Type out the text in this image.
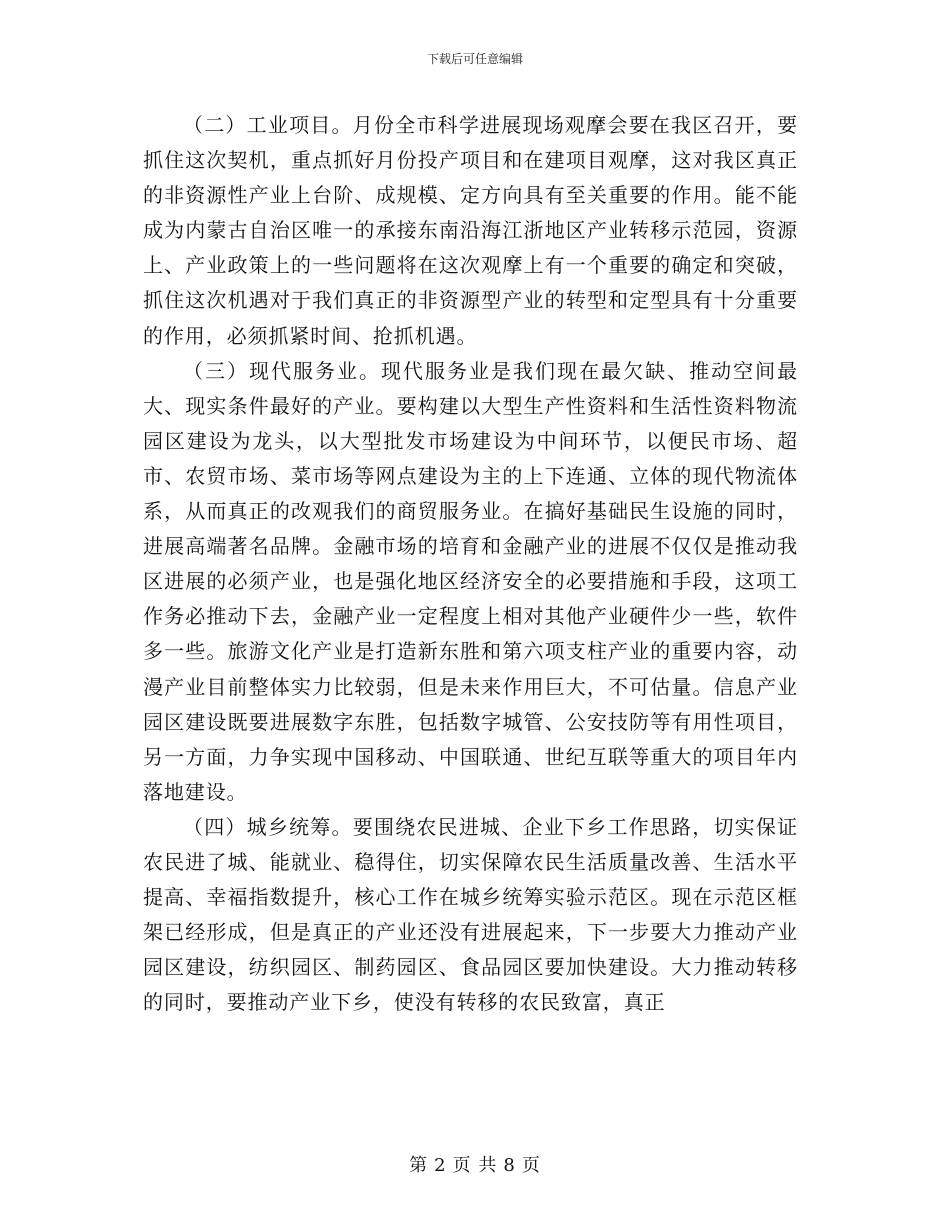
下载后可任意编辑

（二）工业项目。月份全市科学进展现场观摩会要在我区召开，要抓住这次契机，重点抓好月份投产项目和在建项目观摩，这对我区真正的非资源性产业上台阶、成规模、定方向具有至关重要的作用。能不能成为内蒙古自治区唯一的承接东南沿海江浙地区产业转移示范园，资源上、产业政策上的一些问题将在这次观摩上有一个重要的确定和突破，抓住这次机遇对于我们真正的非资源型产业的转型和定型具有十分重要的作用，必须抓紧时间、抢抓机遇。

（三）现代服务业。现代服务业是我们现在最欠缺、推动空间最大、现实条件最好的产业。要构建以大型生产性资料和生活性资料物流园区建设为龙头，以大型批发市场建设为中间环节，以便民市场、超市、农贸市场、菜市场等网点建设为主的上下连通、立体的现代物流体系，从而真正的改观我们的商贸服务业。在搞好基础民生设施的同时，进展高端著名品牌。金融市场的培育和金融产业的进展不仅仅是推动我区进展的必须产业，也是强化地区经济安全的必要措施和手段，这项工作务必推动下去，金融产业一定程度上相对其他产业硬件少一些，软件多一些。旅游文化产业是打造新东胜和第六项支柱产业的重要内容，动漫产业目前整体实力比较弱，但是未来作用巨大，不可估量。信息产业园区建设既要进展数字东胜，包括数字城管、公安技防等有用性项目，另一方面，力争实现中国移动、中国联通、世纪互联等重大的项目年内落地建设。

（四）城乡统筹。要围绕农民进城、企业下乡工作思路，切实保证农民进了城、能就业、稳得住，切实保障农民生活质量改善、生活水平提高、幸福指数提升，核心工作在城乡统筹实验示范区。现在示范区框架已经形成，但是真正的产业还没有进展起来，下一步要大力推动产业园区建设，纺织园区、制药园区、食品园区要加快建设。大力推动转移的同时，要推动产业下乡，使没有转移的农民致富，真正

第 2 页 共 8 页
